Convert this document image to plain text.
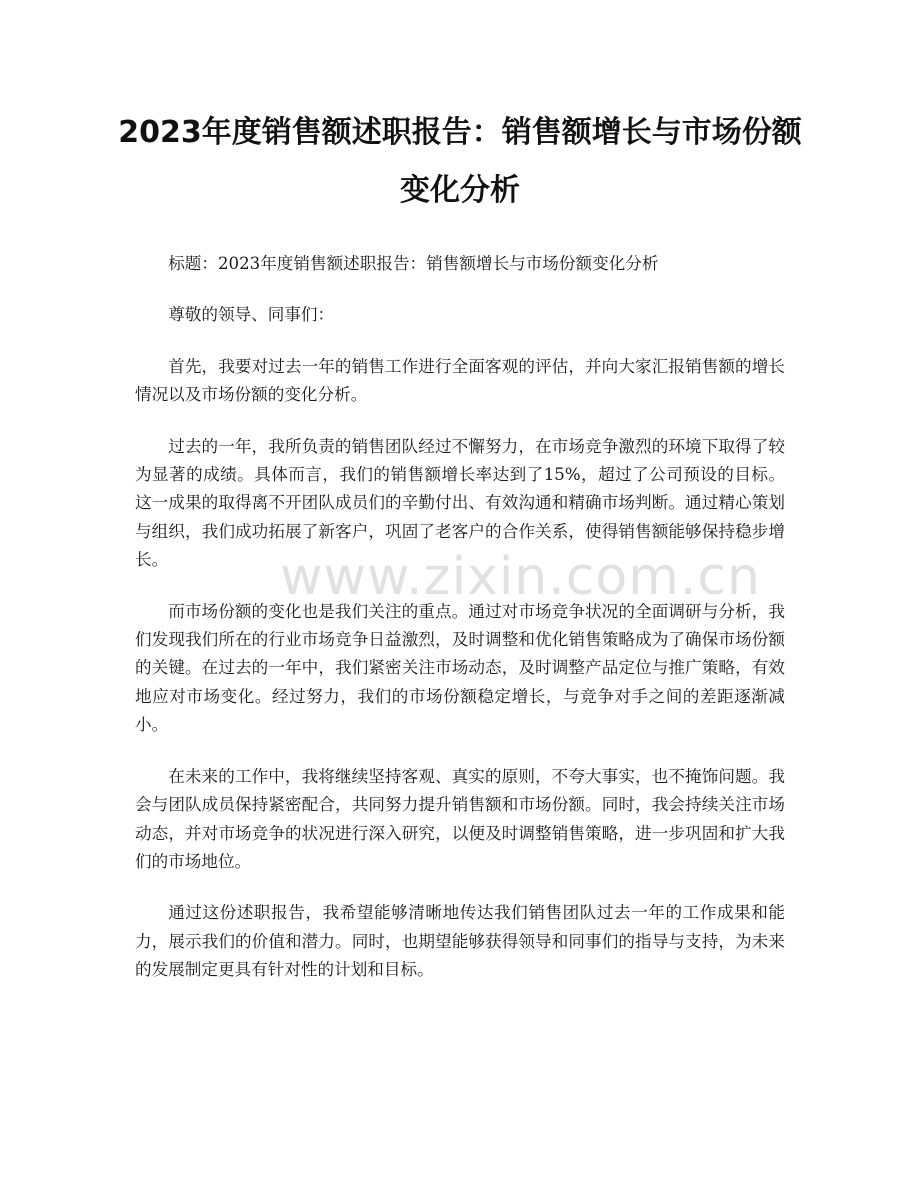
2023年度销售额述职报告：销售额增长与市场份额变化分析

标题：2023年度销售额述职报告：销售额增长与市场份额变化分析

尊敬的领导、同事们：

首先，我要对过去一年的销售工作进行全面客观的评估，并向大家汇报销售额的增长情况以及市场份额的变化分析。

过去的一年，我所负责的销售团队经过不懈努力，在市场竞争激烈的环境下取得了较为显著的成绩。具体而言，我们的销售额增长率达到了15%，超过了公司预设的目标。这一成果的取得离不开团队成员们的辛勤付出、有效沟通和精确市场判断。通过精心策划与组织，我们成功拓展了新客户，巩固了老客户的合作关系，使得销售额能够保持稳步增长。

而市场份额的变化也是我们关注的重点。通过对市场竞争状况的全面调研与分析，我们发现我们所在的行业市场竞争日益激烈，及时调整和优化销售策略成为了确保市场份额的关键。在过去的一年中，我们紧密关注市场动态，及时调整产品定位与推广策略，有效地应对市场变化。经过努力，我们的市场份额稳定增长，与竞争对手之间的差距逐渐减小。

在未来的工作中，我将继续坚持客观、真实的原则，不夸大事实，也不掩饰问题。我会与团队成员保持紧密配合，共同努力提升销售额和市场份额。同时，我会持续关注市场动态，并对市场竞争的状况进行深入研究，以便及时调整销售策略，进一步巩固和扩大我们的市场地位。

通过这份述职报告，我希望能够清晰地传达我们销售团队过去一年的工作成果和能力，展示我们的价值和潜力。同时，也期望能够获得领导和同事们的指导与支持，为未来的发展制定更具有针对性的计划和目标。

www.zixin.com.cn
